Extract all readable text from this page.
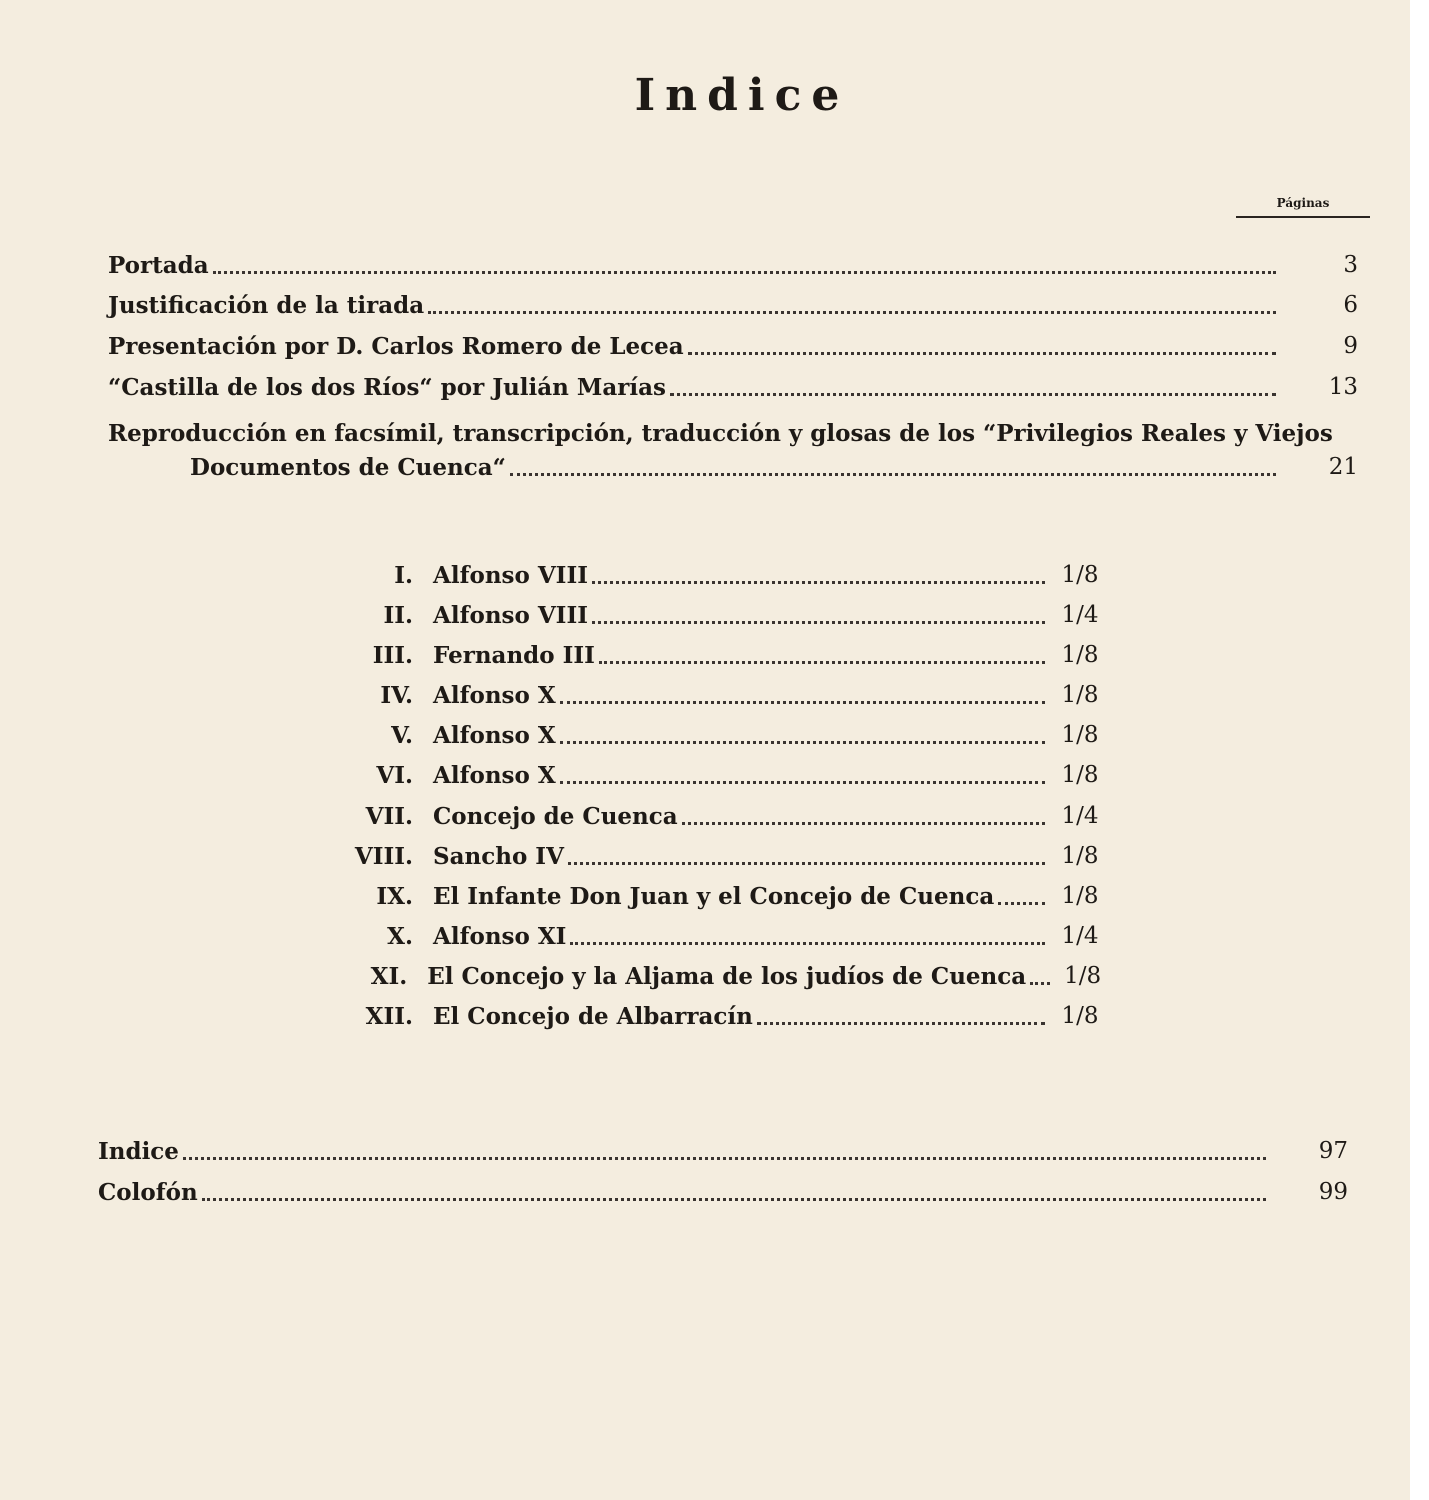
Indice
Páginas
Portada	3
Justificación de la tirada	6
Presentación por D. Carlos Romero de Lecea	9
“Castilla de los dos Ríos“ por Julián Marías	13
Reproducción en facsímil, transcripción, traducción y glosas de los “Privilegios Reales y Viejos
Documentos de Cuenca“	21
I. Alfonso VIII	1/8
II. Alfonso VIII	1/4
III. Fernando III	1/8
IV. Alfonso X	1/8
V. Alfonso X	1/8
VI. Alfonso X	1/8
VII. Concejo de Cuenca	1/4
VIII. Sancho IV	1/8
IX. El Infante Don Juan y el Concejo de Cuenca	1/8
X. Alfonso XI	1/4
XI. El Concejo y la Aljama de los judíos de Cuenca	1/8
XII. El Concejo de Albarracín	1/8
Indice	97
Colofón	99
